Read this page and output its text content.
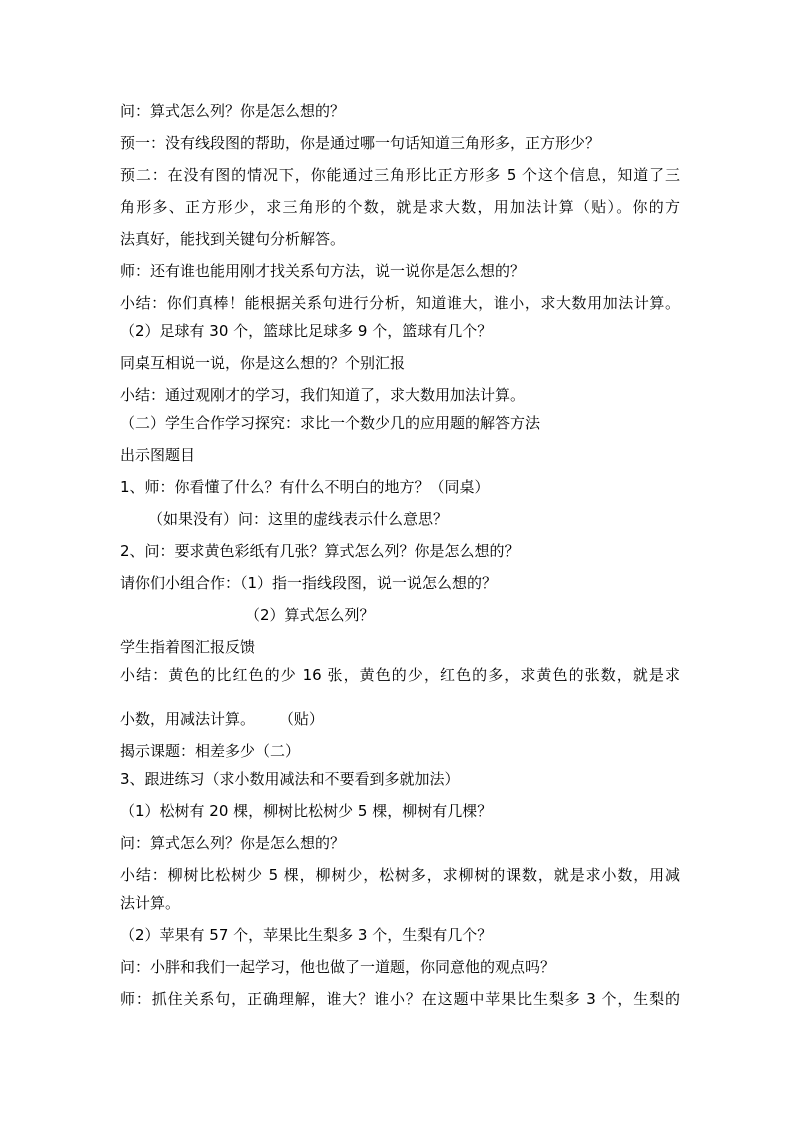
问：算式怎么列？你是怎么想的？
预一：没有线段图的帮助，你是通过哪一句话知道三角形多，正方形少？
预二：在没有图的情况下，你能通过三角形比正方形多 5 个这个信息，知道了三
角形多、正方形少，求三角形的个数，就是求大数，用加法计算（贴）。你的方
法真好，能找到关键句分析解答。
师：还有谁也能用刚才找关系句方法，说一说你是怎么想的？
小结：你们真棒！能根据关系句进行分析，知道谁大，谁小，求大数用加法计算。
（2）足球有 30 个，篮球比足球多 9 个，篮球有几个？
同桌互相说一说，你是这么想的？个别汇报
小结：通过观刚才的学习，我们知道了，求大数用加法计算。
（二）学生合作学习探究：求比一个数少几的应用题的解答方法
出示图题目
1、师：你看懂了什么？有什么不明白的地方？（同桌）
（如果没有）问：这里的虚线表示什么意思？
2、问：要求黄色彩纸有几张？算式怎么列？你是怎么想的？
请你们小组合作：（1）指一指线段图，说一说怎么想的？
（2）算式怎么列？
学生指着图汇报反馈
小结：黄色的比红色的少 16 张，黄色的少，红色的多，求黄色的张数，就是求
小数，用减法计算。     （贴）
揭示课题：相差多少（二）
3、跟进练习（求小数用减法和不要看到多就加法）
（1）松树有 20 棵，柳树比松树少 5 棵，柳树有几棵？
问：算式怎么列？你是怎么想的？
小结：柳树比松树少 5 棵，柳树少，松树多，求柳树的课数，就是求小数，用减
法计算。
（2）苹果有 57 个，苹果比生梨多 3 个，生梨有几个？
问：小胖和我们一起学习，他也做了一道题，你同意他的观点吗？
师：抓住关系句，正确理解，谁大？谁小？在这题中苹果比生梨多 3 个，生梨的
